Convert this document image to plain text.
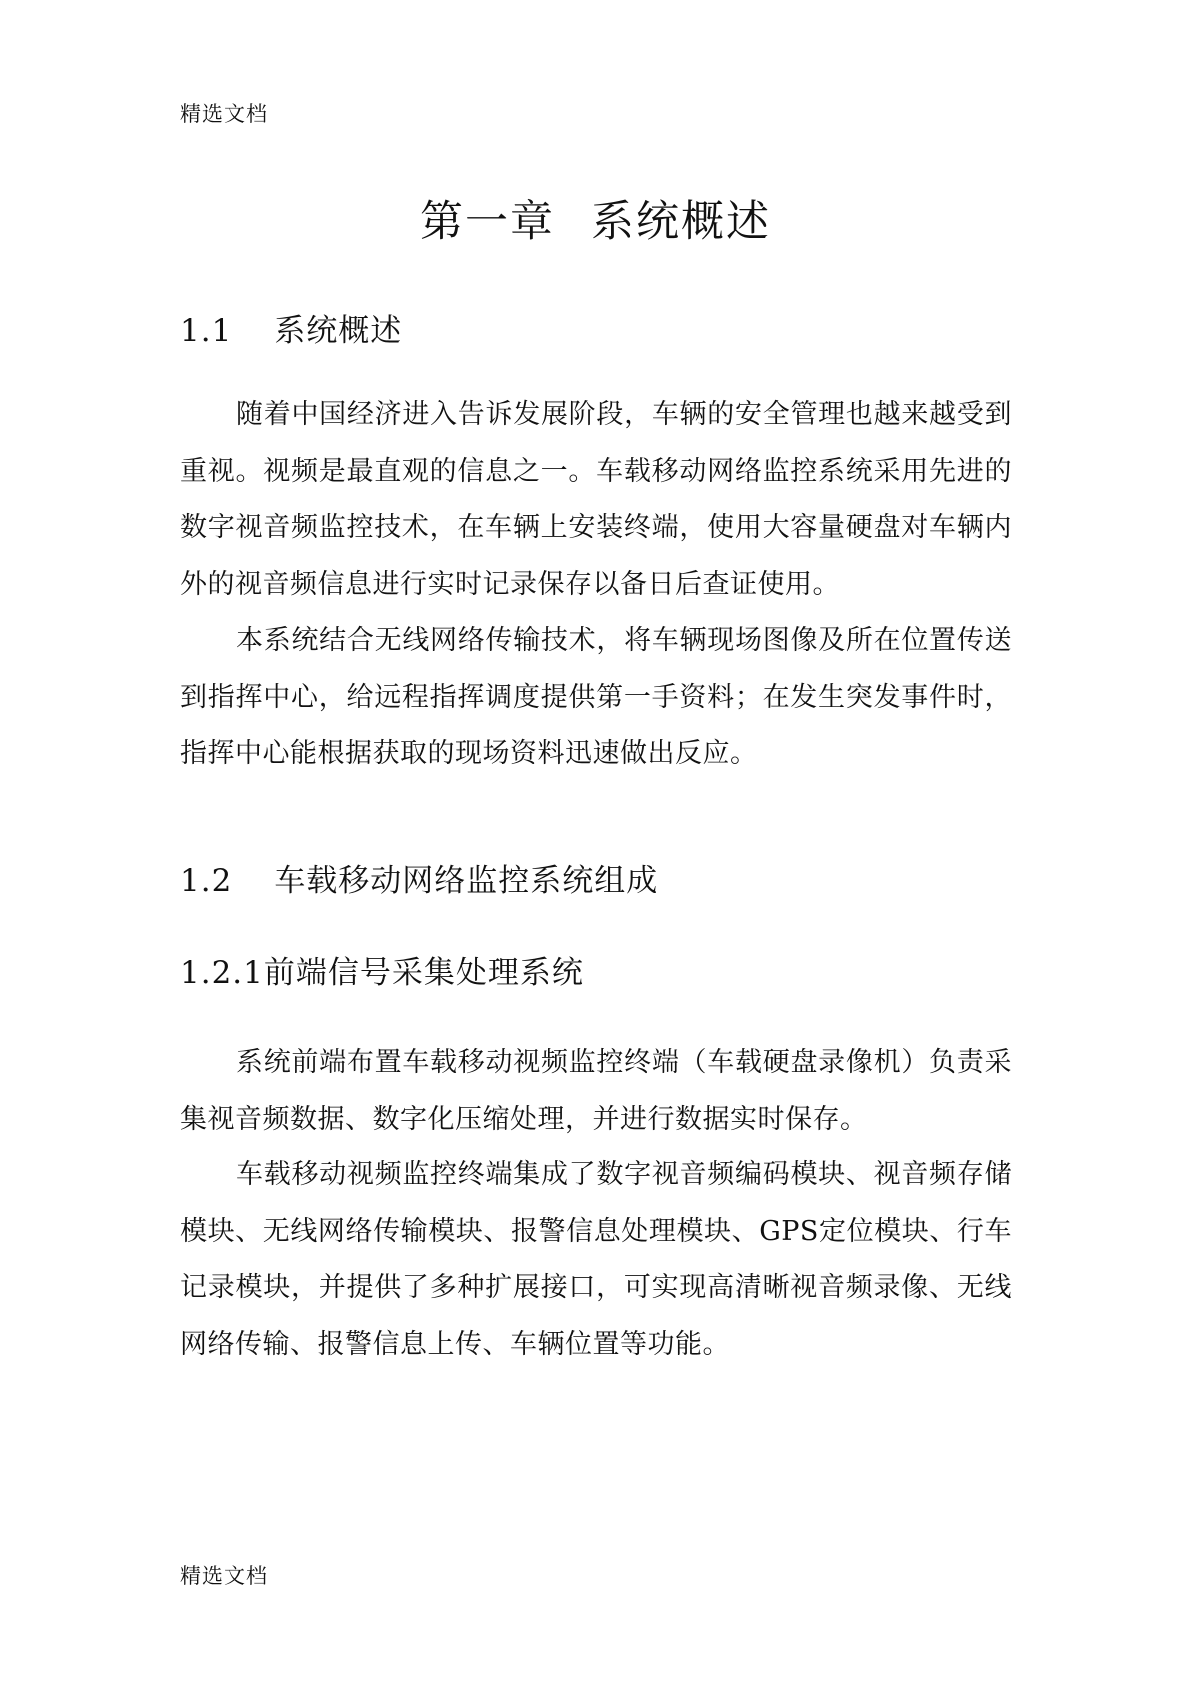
精选文档
第一章 系统概述
1.1 系统概述

随着中国经济进入告诉发展阶段，车辆的安全管理也越来越受到重视。视频是最直观的信息之一。车载移动网络监控系统采用先进的数字视音频监控技术，在车辆上安装终端，使用大容量硬盘对车辆内外的视音频信息进行实时记录保存以备日后查证使用。

本系统结合无线网络传输技术，将车辆现场图像及所在位置传送到指挥中心，给远程指挥调度提供第一手资料；在发生突发事件时，指挥中心能根据获取的现场资料迅速做出反应。

1.2 车载移动网络监控系统组成
1.2.1前端信号采集处理系统

系统前端布置车载移动视频监控终端（车载硬盘录像机）负责采集视音频数据、数字化压缩处理，并进行数据实时保存。

车载移动视频监控终端集成了数字视音频编码模块、视音频存储模块、无线网络传输模块、报警信息处理模块、GPS定位模块、行车记录模块，并提供了多种扩展接口，可实现高清晰视音频录像、无线网络传输、报警信息上传、车辆位置等功能。

精选文档
